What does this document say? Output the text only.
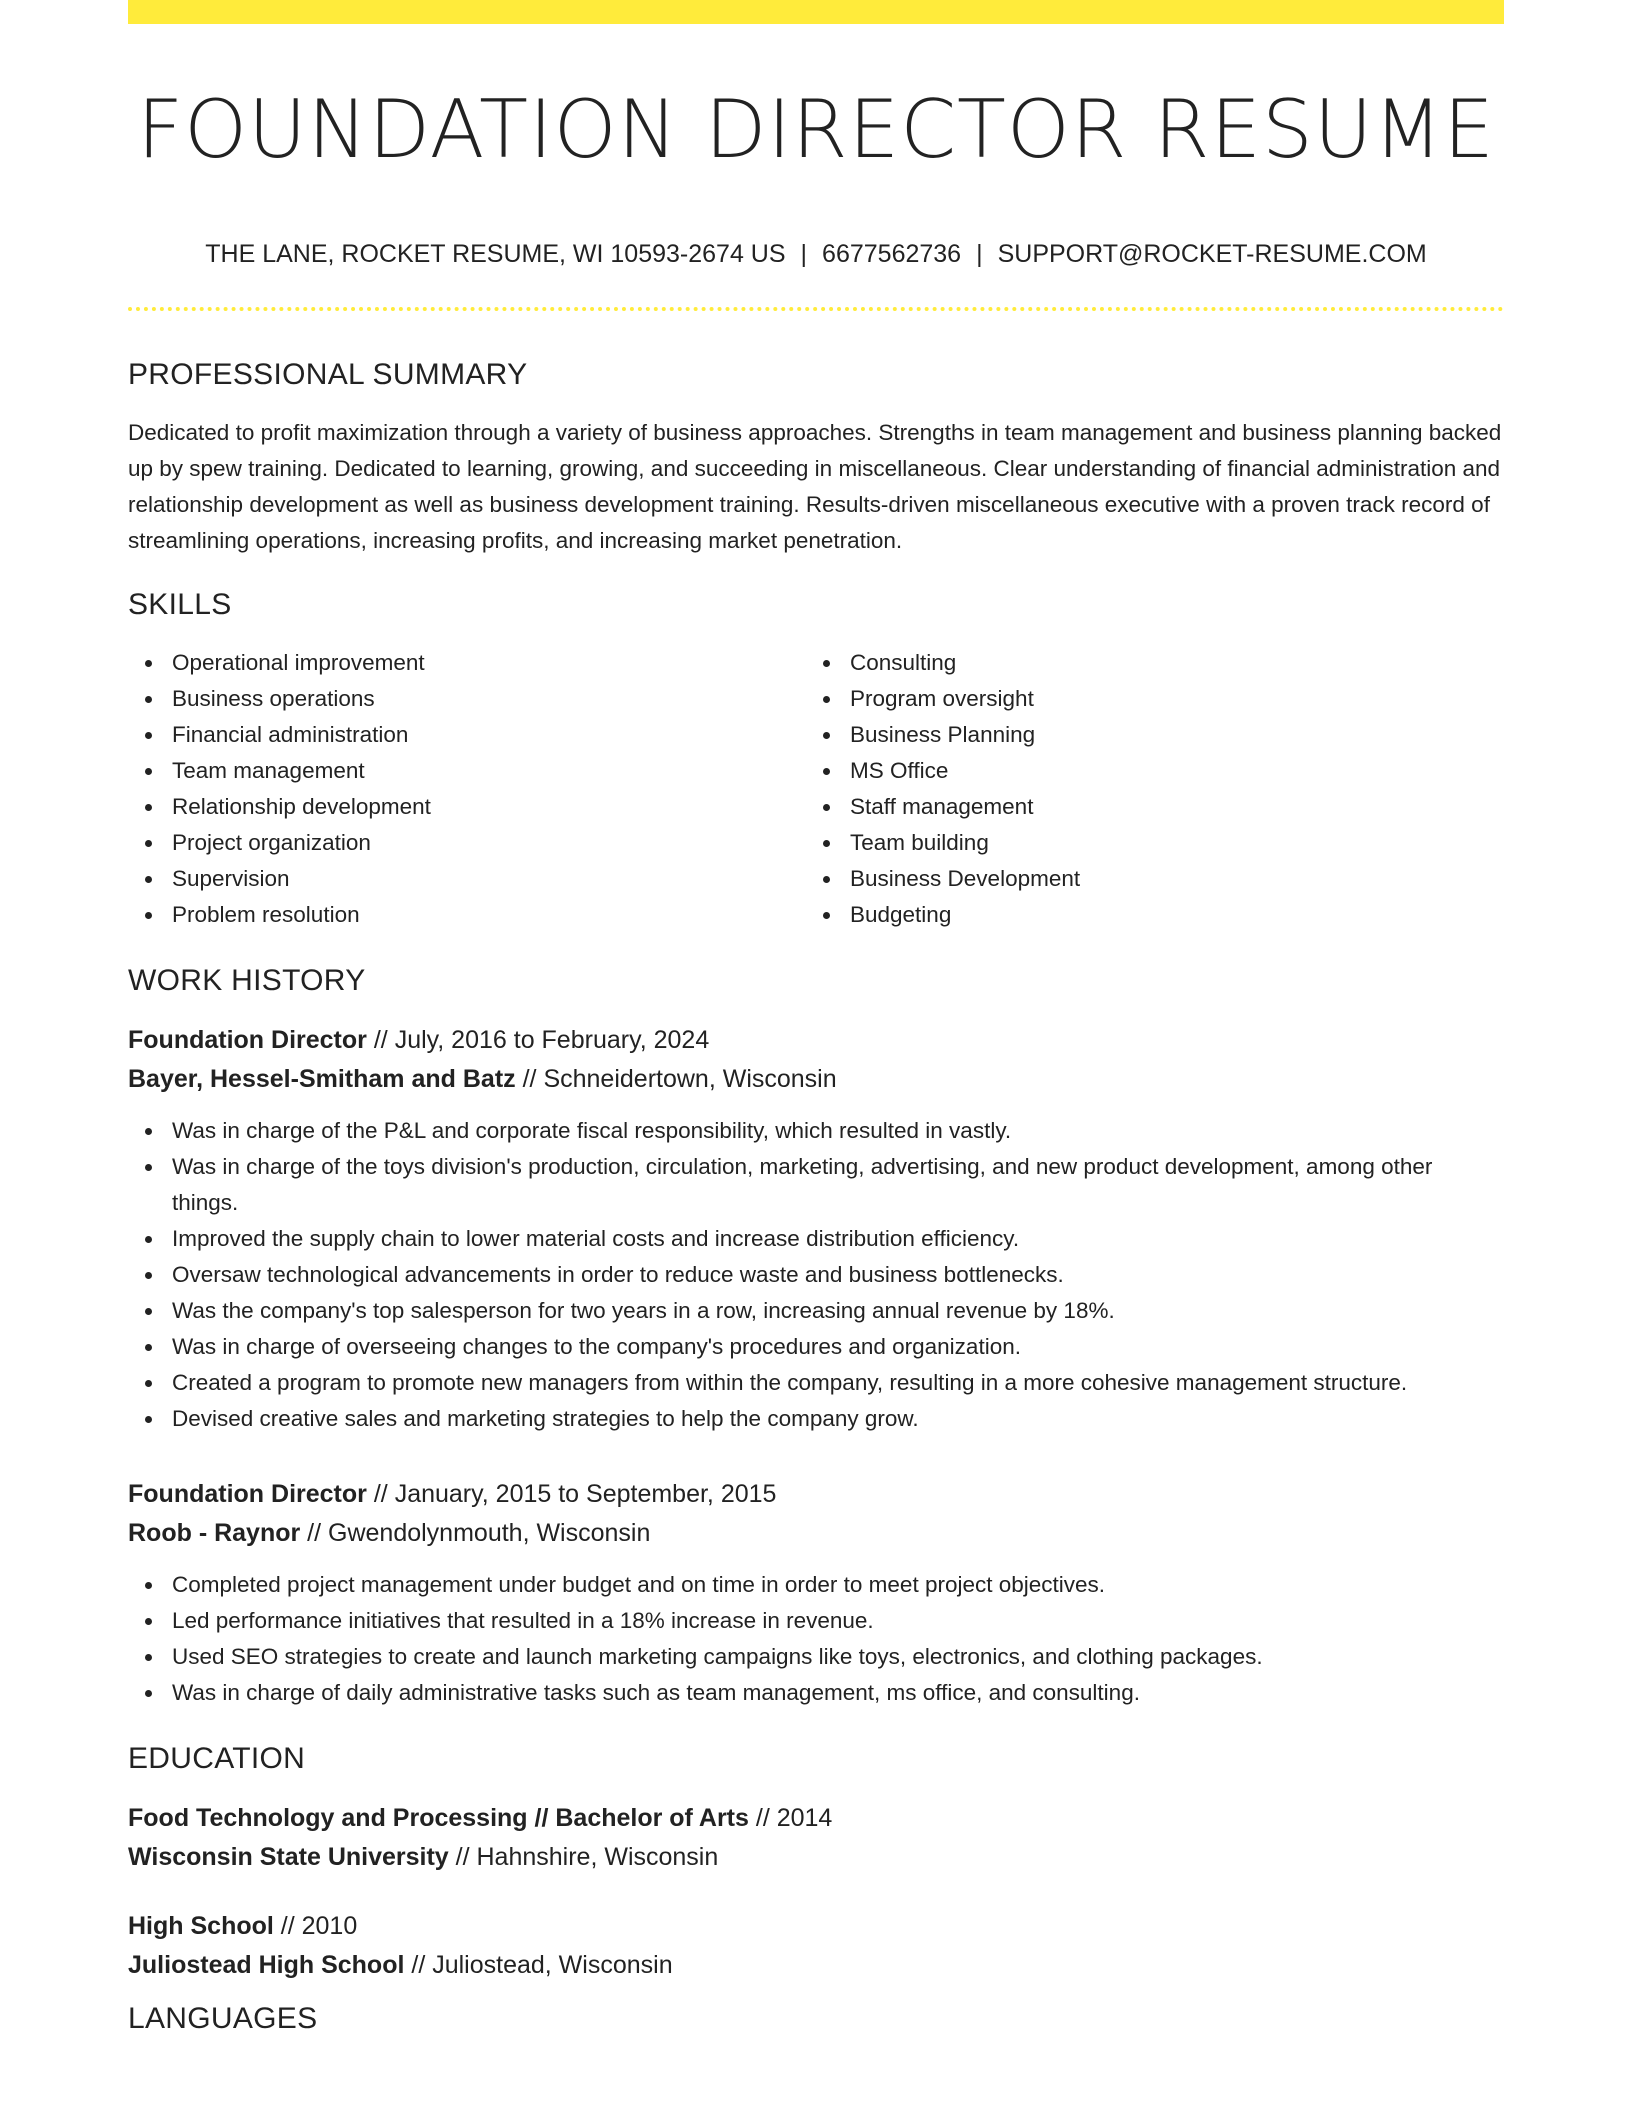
FOUNDATION DIRECTOR RESUME
THE LANE, ROCKET RESUME, WI 10593-2674 US | 6677562736 | SUPPORT@ROCKET-RESUME.COM
PROFESSIONAL SUMMARY

Dedicated to profit maximization through a variety of business approaches. Strengths in team management and business planning backed up by spew training. Dedicated to learning, growing, and succeeding in miscellaneous. Clear understanding of financial administration and relationship development as well as business development training. Results-driven miscellaneous executive with a proven track record of streamlining operations, increasing profits, and increasing market penetration.

SKILLS
Operational improvement
Business operations
Financial administration
Team management
Relationship development
Project organization
Supervision
Problem resolution
Consulting
Program oversight
Business Planning
MS Office
Staff management
Team building
Business Development
Budgeting
WORK HISTORY
Foundation Director // July, 2016 to February, 2024
Bayer, Hessel-Smitham and Batz // Schneidertown, Wisconsin
Was in charge of the P&L and corporate fiscal responsibility, which resulted in vastly.
Was in charge of the toys division's production, circulation, marketing, advertising, and new product development, among other things.
Improved the supply chain to lower material costs and increase distribution efficiency.
Oversaw technological advancements in order to reduce waste and business bottlenecks.
Was the company's top salesperson for two years in a row, increasing annual revenue by 18%.
Was in charge of overseeing changes to the company's procedures and organization.
Created a program to promote new managers from within the company, resulting in a more cohesive management structure.
Devised creative sales and marketing strategies to help the company grow.
Foundation Director // January, 2015 to September, 2015
Roob - Raynor // Gwendolynmouth, Wisconsin
Completed project management under budget and on time in order to meet project objectives.
Led performance initiatives that resulted in a 18% increase in revenue.
Used SEO strategies to create and launch marketing campaigns like toys, electronics, and clothing packages.
Was in charge of daily administrative tasks such as team management, ms office, and consulting.
EDUCATION
Food Technology and Processing // Bachelor of Arts // 2014
Wisconsin State University // Hahnshire, Wisconsin
High School // 2010
Juliostead High School // Juliostead, Wisconsin
LANGUAGES
